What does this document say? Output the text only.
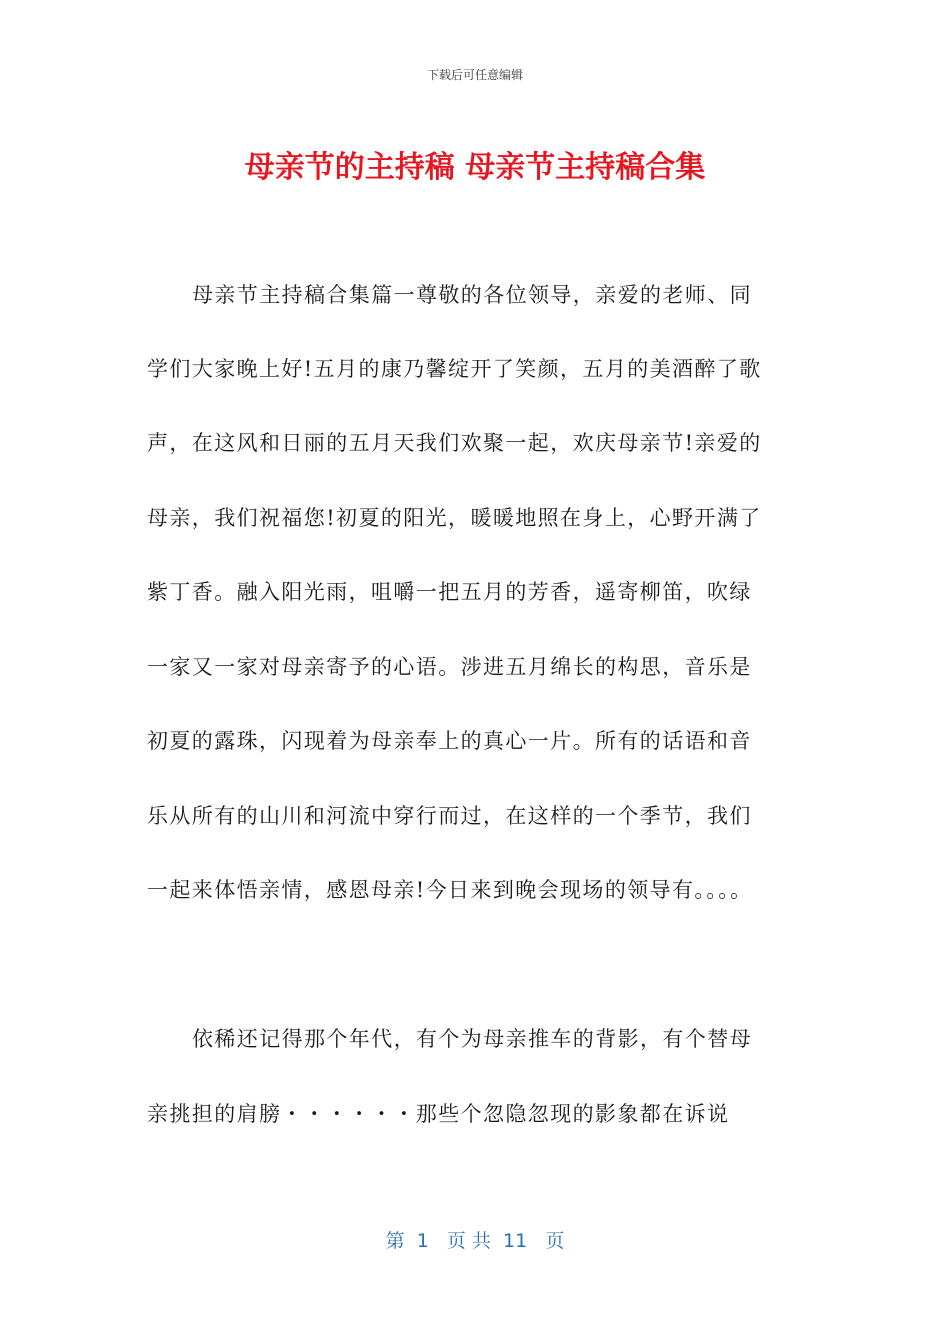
下载后可任意编辑
母亲节的主持稿 母亲节主持稿合集
母亲节主持稿合集篇一尊敬的各位领导，亲爱的老师、同
学们大家晚上好!五月的康乃馨绽开了笑颜，五月的美酒醉了歌
声，在这风和日丽的五月天我们欢聚一起，欢庆母亲节!亲爱的
母亲，我们祝福您!初夏的阳光，暖暖地照在身上，心野开满了
紫丁香。融入阳光雨，咀嚼一把五月的芳香，遥寄柳笛，吹绿
一家又一家对母亲寄予的心语。涉进五月绵长的构思，音乐是
初夏的露珠，闪现着为母亲奉上的真心一片。所有的话语和音
乐从所有的山川和河流中穿行而过，在这样的一个季节，我们
一起来体悟亲情，感恩母亲!今日来到晚会现场的领导有。。。。
依稀还记得那个年代，有个为母亲推车的背影，有个替母
亲挑担的肩膀・・・・・・那些个忽隐忽现的影象都在诉说
第  1   页 共  11   页
